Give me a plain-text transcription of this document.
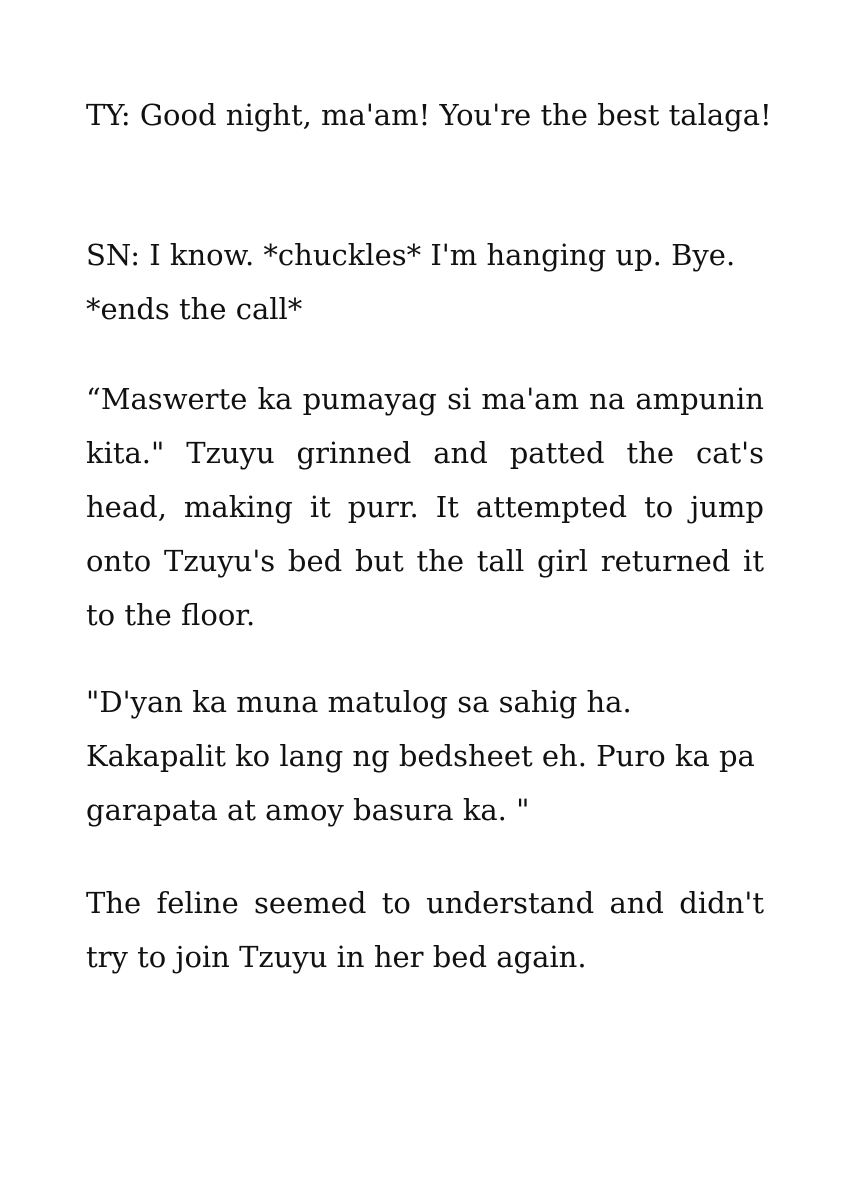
TY: Good night, ma'am! You're the best talaga!

SN: I know. *chuckles* I'm hanging up. Bye.
*ends the call*

“Maswerte ka pumayag si ma'am na ampunin kita." Tzuyu grinned and patted the cat's head, making it purr. It attempted to jump onto Tzuyu's bed but the tall girl returned it to the floor.

"D'yan ka muna matulog sa sahig ha.
Kakapalit ko lang ng bedsheet eh. Puro ka pa
garapata at amoy basura ka. "

The feline seemed to understand and didn't try to join Tzuyu in her bed again.
